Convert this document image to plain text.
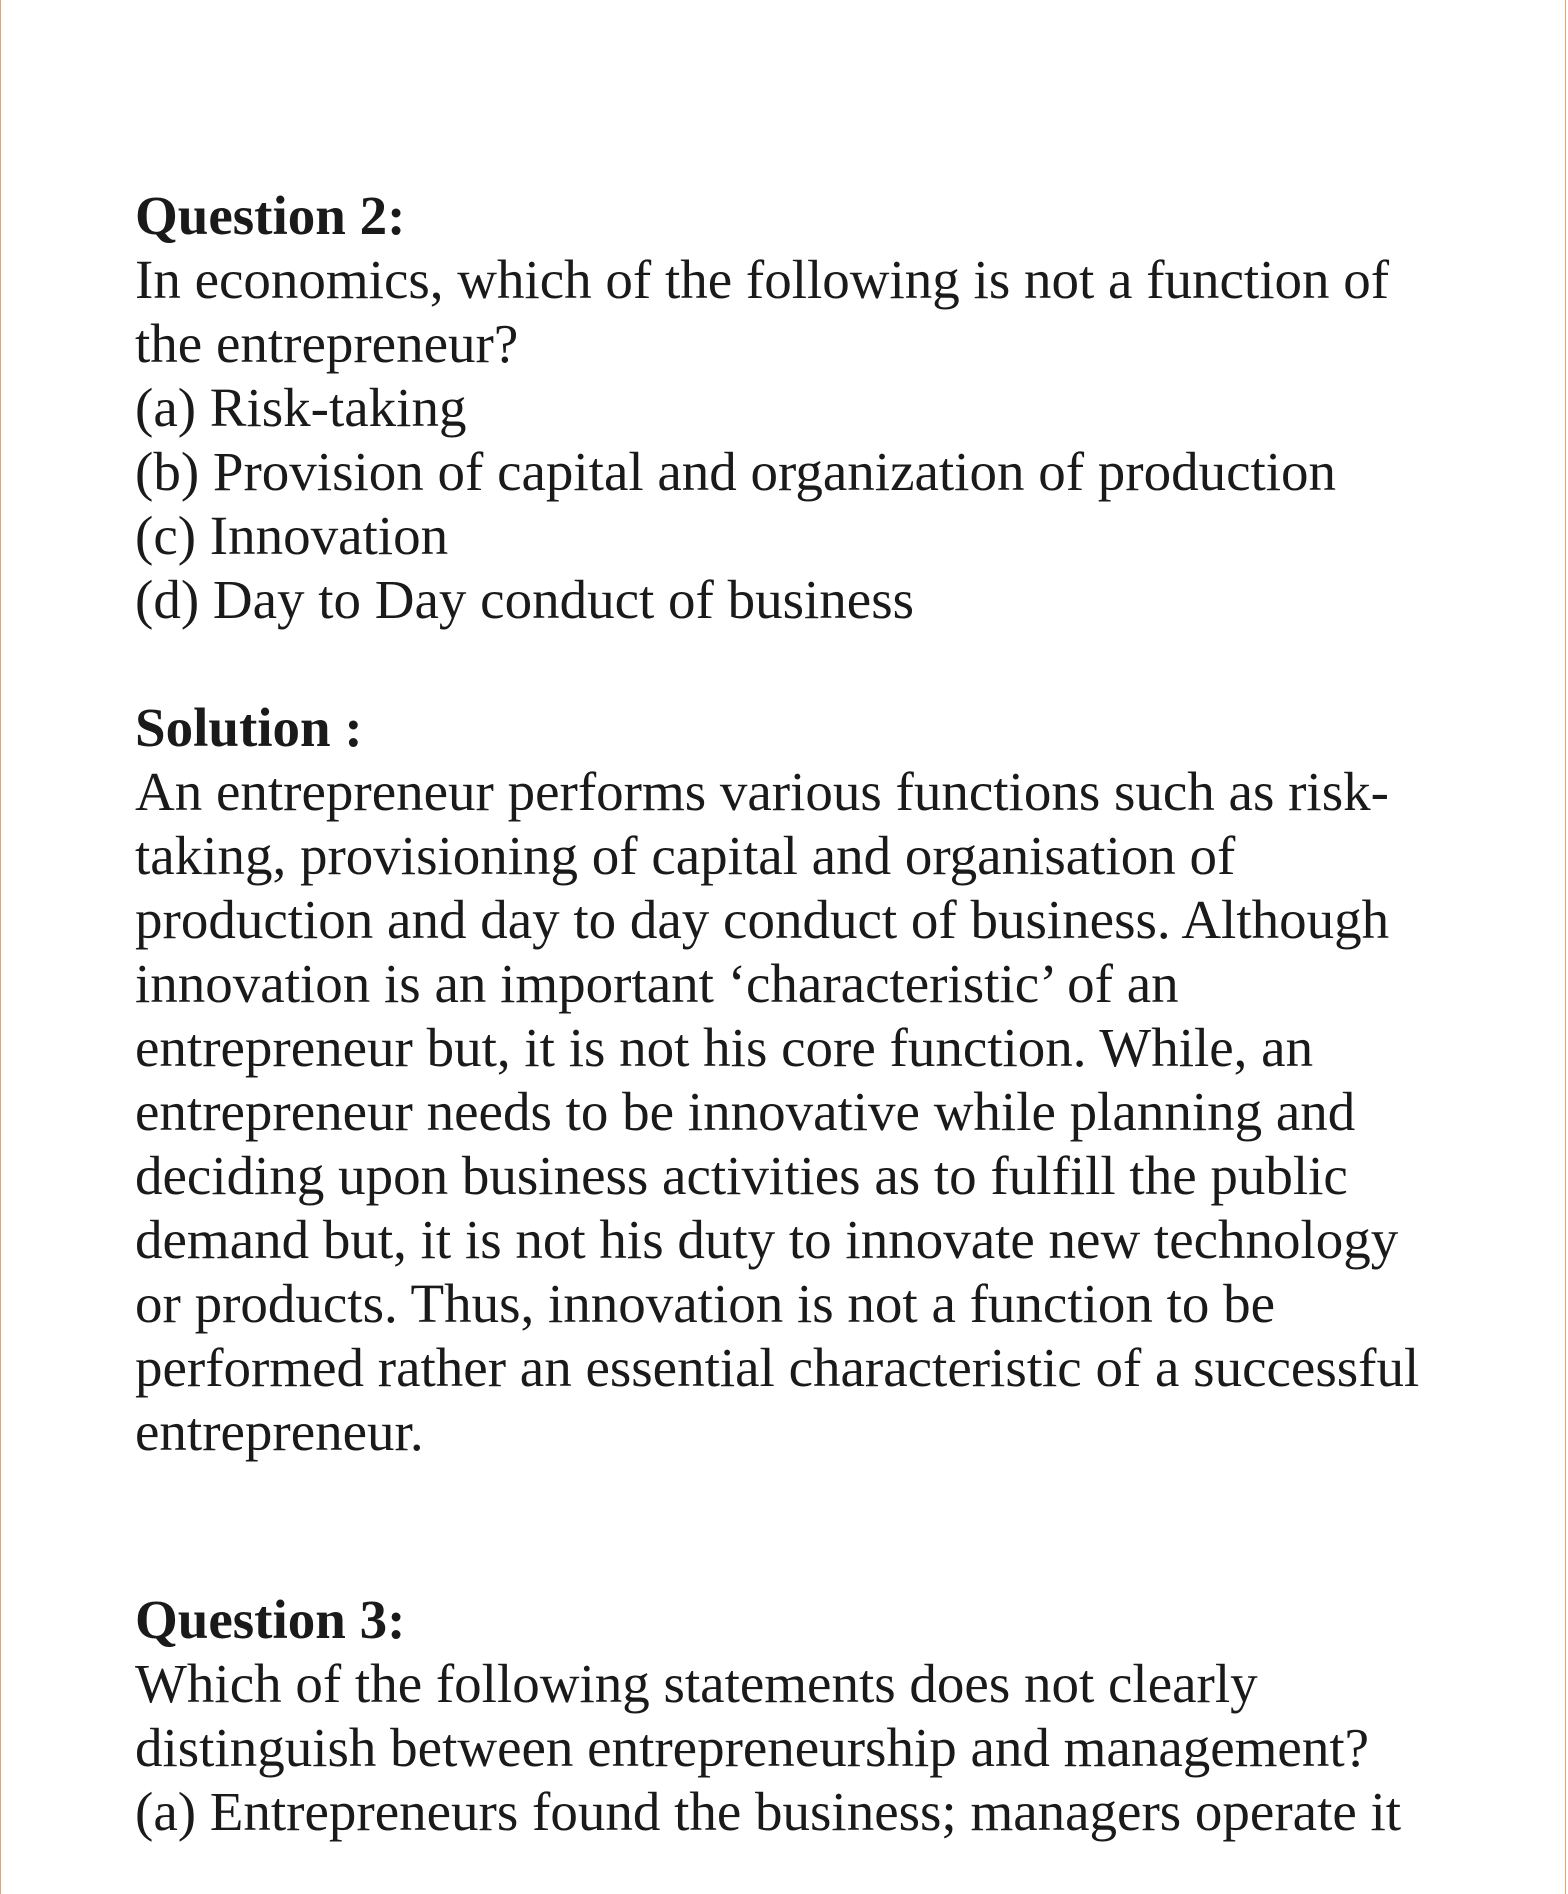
Question 2:

In economics, which of the following is not a function of

the entrepreneur?

(a) Risk-taking

(b) Provision of capital and organization of production

(c) Innovation

(d) Day to Day conduct of business

Solution :

An entrepreneur performs various functions such as risk-

taking, provisioning of capital and organisation of

production and day to day conduct of business. Although

innovation is an important ‘characteristic’ of an

entrepreneur but, it is not his core function. While, an

entrepreneur needs to be innovative while planning and

deciding upon business activities as to fulfill the public

demand but, it is not his duty to innovate new technology

or products. Thus, innovation is not a function to be

performed rather an essential characteristic of a successful

entrepreneur.

Question 3:

Which of the following statements does not clearly

distinguish between entrepreneurship and management?

(a) Entrepreneurs found the business; managers operate it
